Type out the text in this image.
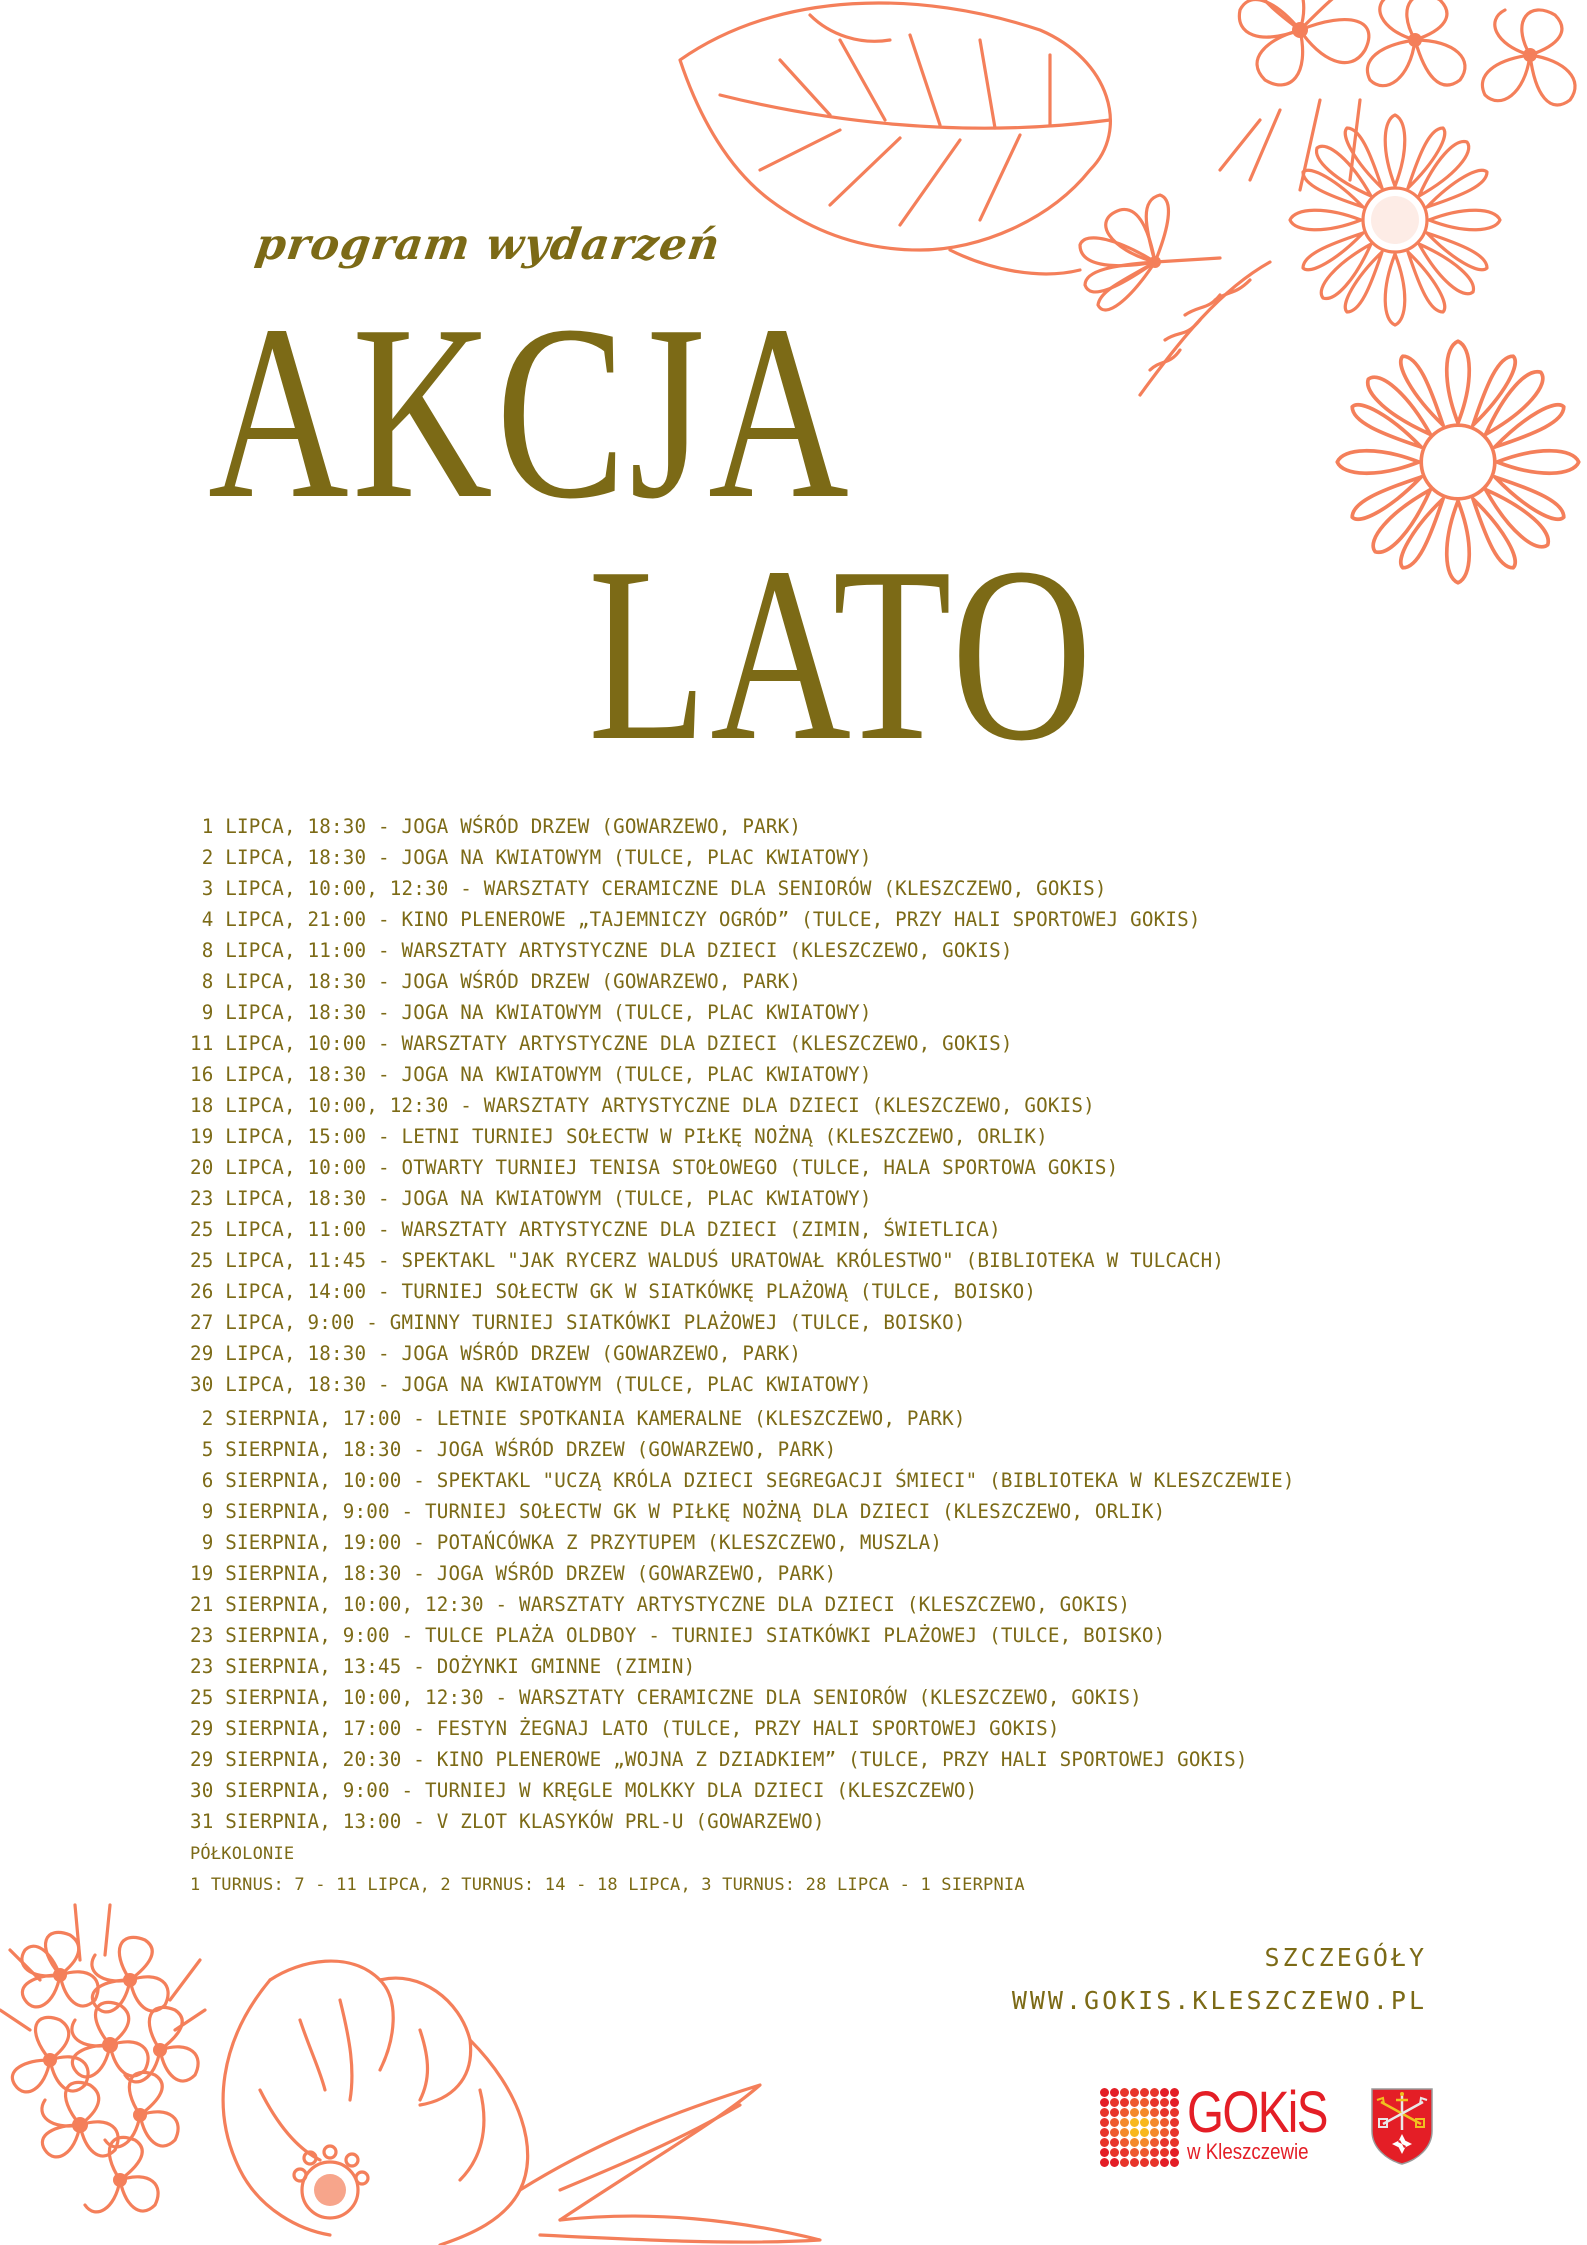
program wydarzeń
AKCJA
LATO
1 LIPCA, 18:30 - JOGA WŚRÓD DRZEW (GOWARZEWO, PARK)
2 LIPCA, 18:30 - JOGA NA KWIATOWYM (TULCE, PLAC KWIATOWY)
3 LIPCA, 10:00, 12:30 - WARSZTATY CERAMICZNE DLA SENIORÓW (KLESZCZEWO, GOKIS)
4 LIPCA, 21:00 - KINO PLENEROWE „TAJEMNICZY OGRÓD” (TULCE, PRZY HALI SPORTOWEJ GOKIS)
8 LIPCA, 11:00 - WARSZTATY ARTYSTYCZNE DLA DZIECI (KLESZCZEWO, GOKIS)
8 LIPCA, 18:30 - JOGA WŚRÓD DRZEW (GOWARZEWO, PARK)
9 LIPCA, 18:30 - JOGA NA KWIATOWYM (TULCE, PLAC KWIATOWY)
11 LIPCA, 10:00 - WARSZTATY ARTYSTYCZNE DLA DZIECI (KLESZCZEWO, GOKIS)
16 LIPCA, 18:30 - JOGA NA KWIATOWYM (TULCE, PLAC KWIATOWY)
18 LIPCA, 10:00, 12:30 - WARSZTATY ARTYSTYCZNE DLA DZIECI (KLESZCZEWO, GOKIS)
19 LIPCA, 15:00 - LETNI TURNIEJ SOŁECTW W PIŁKĘ NOŻNĄ (KLESZCZEWO, ORLIK)
20 LIPCA, 10:00 - OTWARTY TURNIEJ TENISA STOŁOWEGO (TULCE, HALA SPORTOWA GOKIS)
23 LIPCA, 18:30 - JOGA NA KWIATOWYM (TULCE, PLAC KWIATOWY)
25 LIPCA, 11:00 - WARSZTATY ARTYSTYCZNE DLA DZIECI (ZIMIN, ŚWIETLICA)
25 LIPCA, 11:45 - SPEKTAKL "JAK RYCERZ WALDUŚ URATOWAŁ KRÓLESTWO" (BIBLIOTEKA W TULCACH)
26 LIPCA, 14:00 - TURNIEJ SOŁECTW GK W SIATKÓWKĘ PLAŻOWĄ (TULCE, BOISKO)
27 LIPCA, 9:00 - GMINNY TURNIEJ SIATKÓWKI PLAŻOWEJ (TULCE, BOISKO)
29 LIPCA, 18:30 - JOGA WŚRÓD DRZEW (GOWARZEWO, PARK)
30 LIPCA, 18:30 - JOGA NA KWIATOWYM (TULCE, PLAC KWIATOWY)
2 SIERPNIA, 17:00 - LETNIE SPOTKANIA KAMERALNE (KLESZCZEWO, PARK)
5 SIERPNIA, 18:30 - JOGA WŚRÓD DRZEW (GOWARZEWO, PARK)
6 SIERPNIA, 10:00 - SPEKTAKL "UCZĄ KRÓLA DZIECI SEGREGACJI ŚMIECI" (BIBLIOTEKA W KLESZCZEWIE)
9 SIERPNIA, 9:00 - TURNIEJ SOŁECTW GK W PIŁKĘ NOŻNĄ DLA DZIECI (KLESZCZEWO, ORLIK)
9 SIERPNIA, 19:00 - POTAŃCÓWKA Z PRZYTUPEM (KLESZCZEWO, MUSZLA)
19 SIERPNIA, 18:30 - JOGA WŚRÓD DRZEW (GOWARZEWO, PARK)
21 SIERPNIA, 10:00, 12:30 - WARSZTATY ARTYSTYCZNE DLA DZIECI (KLESZCZEWO, GOKIS)
23 SIERPNIA, 9:00 - TULCE PLAŻA OLDBOY - TURNIEJ SIATKÓWKI PLAŻOWEJ (TULCE, BOISKO)
23 SIERPNIA, 13:45 - DOŻYNKI GMINNE (ZIMIN)
25 SIERPNIA, 10:00, 12:30 - WARSZTATY CERAMICZNE DLA SENIORÓW (KLESZCZEWO, GOKIS)
29 SIERPNIA, 17:00 - FESTYN ŻEGNAJ LATO (TULCE, PRZY HALI SPORTOWEJ GOKIS)
29 SIERPNIA, 20:30 - KINO PLENEROWE „WOJNA Z DZIADKIEM” (TULCE, PRZY HALI SPORTOWEJ GOKIS)
30 SIERPNIA, 9:00 - TURNIEJ W KRĘGLE MOLKKY DLA DZIECI (KLESZCZEWO)
31 SIERPNIA, 13:00 - V ZLOT KLASYKÓW PRL-U (GOWARZEWO)
PÓŁKOLONIE
1 TURNUS: 7 - 11 LIPCA, 2 TURNUS: 14 - 18 LIPCA, 3 TURNUS: 28 LIPCA - 1 SIERPNIA
SZCZEGÓŁY
WWW.GOKIS.KLESZCZEWO.PL
GOKiS
w Kleszczewie
